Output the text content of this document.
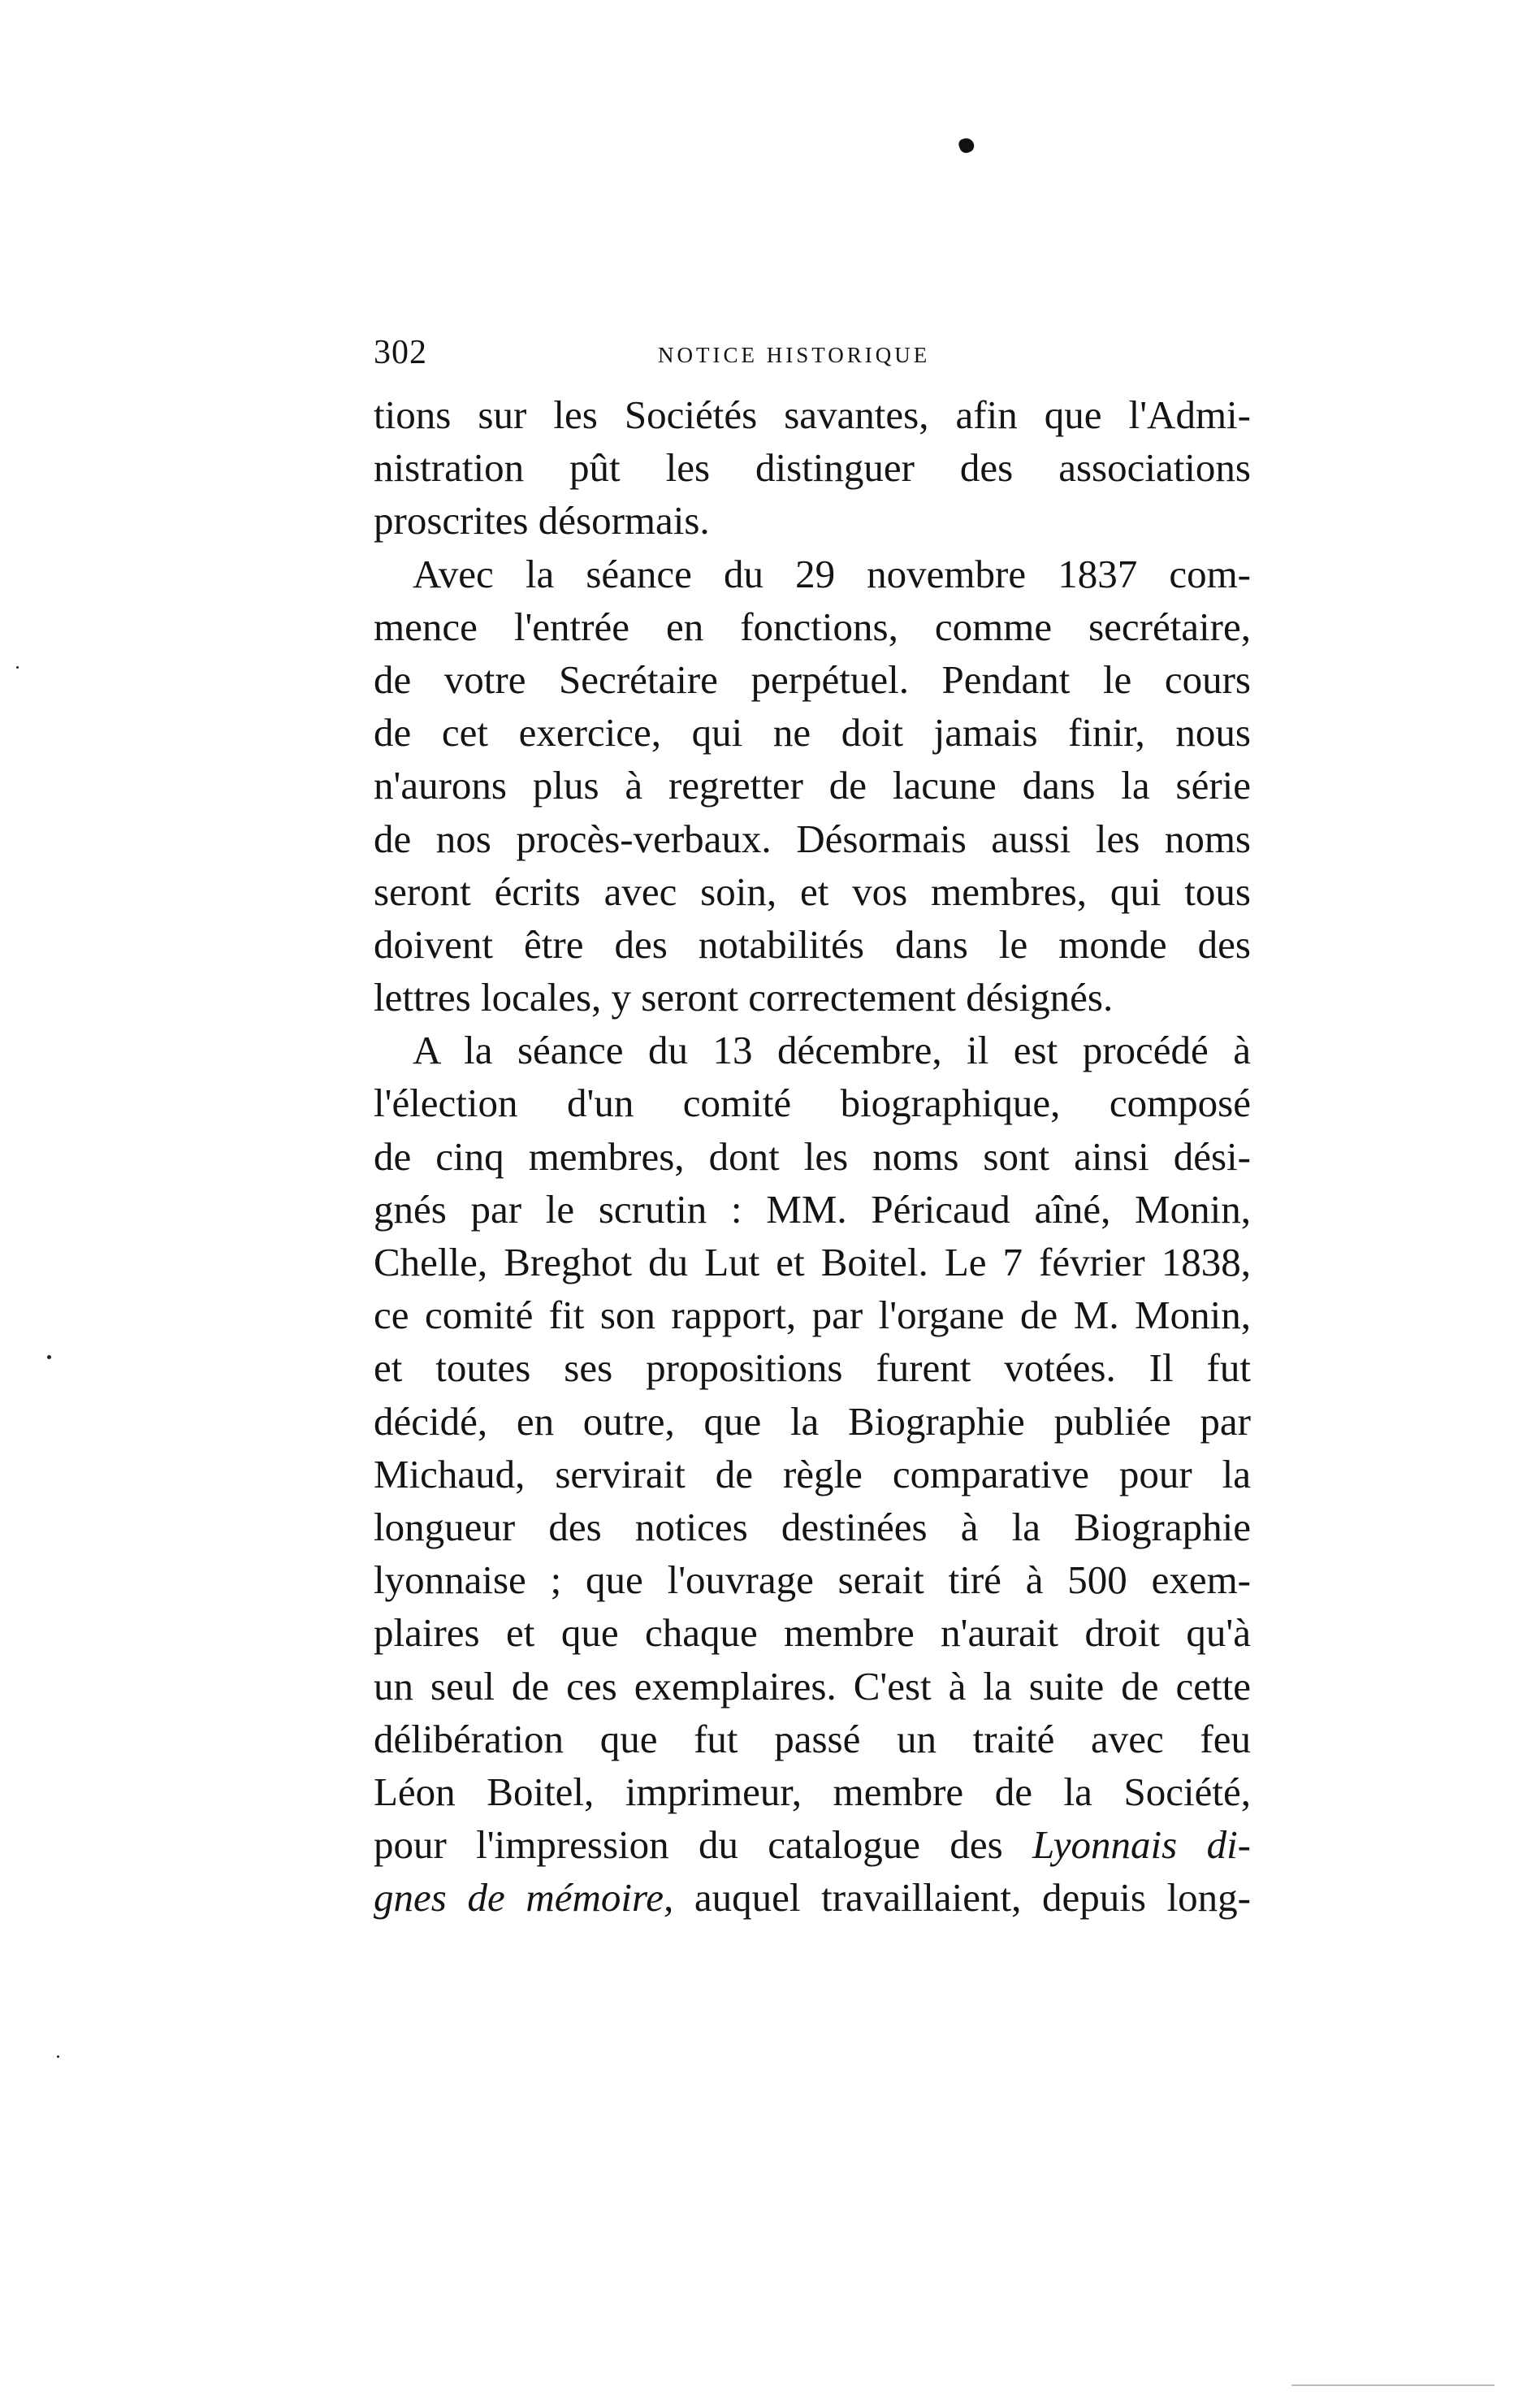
302	NOTICE HISTORIQUE
tions sur les Sociétés savantes, afin que l'Admi-
nistration pût les distinguer des associations
proscrites désormais.
Avec la séance du 29 novembre 1837 com-
mence l'entrée en fonctions, comme secrétaire,
de votre Secrétaire perpétuel. Pendant le cours
de cet exercice, qui ne doit jamais finir, nous
n'aurons plus à regretter de lacune dans la série
de nos procès-verbaux. Désormais aussi les noms
seront écrits avec soin, et vos membres, qui tous
doivent être des notabilités dans le monde des
lettres locales, y seront correctement désignés.
A la séance du 13 décembre, il est procédé à
l'élection d'un comité biographique, composé
de cinq membres, dont les noms sont ainsi dési-
gnés par le scrutin : MM. Péricaud aîné, Monin,
Chelle, Breghot du Lut et Boitel. Le 7 février 1838,
ce comité fit son rapport, par l'organe de M. Monin,
et toutes ses propositions furent votées. Il fut
décidé, en outre, que la Biographie publiée par
Michaud, servirait de règle comparative pour la
longueur des notices destinées à la Biographie
lyonnaise ; que l'ouvrage serait tiré à 500 exem-
plaires et que chaque membre n'aurait droit qu'à
un seul de ces exemplaires. C'est à la suite de cette
délibération que fut passé un traité avec feu
Léon Boitel, imprimeur, membre de la Société,
pour l'impression du catalogue des Lyonnais di-
gnes de mémoire, auquel travaillaient, depuis long-
